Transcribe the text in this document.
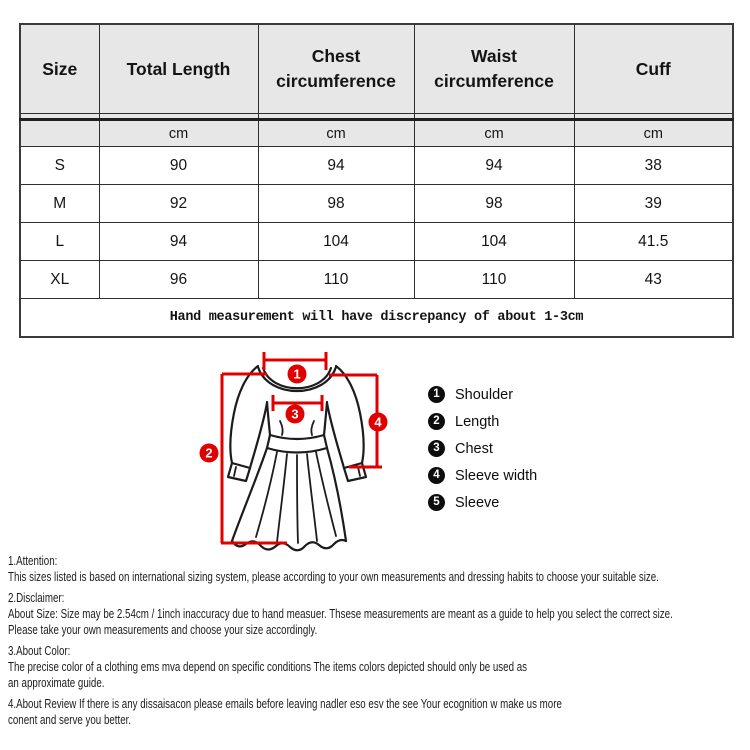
Size	Total Length	Chest circumference	Waist circumference	Cuff

	cm	cm	cm	cm
S	90	94	94	38
M	92	98	98	39
L	94	104	104	41.5
XL	96	110	110	43
Hand measurement will have discrepancy of about 1-3cm				
1
2
3
4
1	Shoulder
2	Length
3	Chest
4	Sleeve width
5	Sleeve
1.Attention:
This sizes listed is based on international sizing system, please according to your own measurements and dressing habits to choose your suitable size.
2.Disclaimer:
About Size: Size may be 2.54cm / 1inch inaccuracy due to hand measuer. Thsese measurements are meant as a guide to help you select the correct size.
Please take your own measurements and choose your size accordingly.
3.About Color:
The precise color of a clothing ems mva depend on specific conditions The items colors depicted should only be used as
an approximate guide.
4.About Review If there is any dissaisacon please emails before leaving nadler eso esv the see Your ecognition w make us more
conent and serve you better.
